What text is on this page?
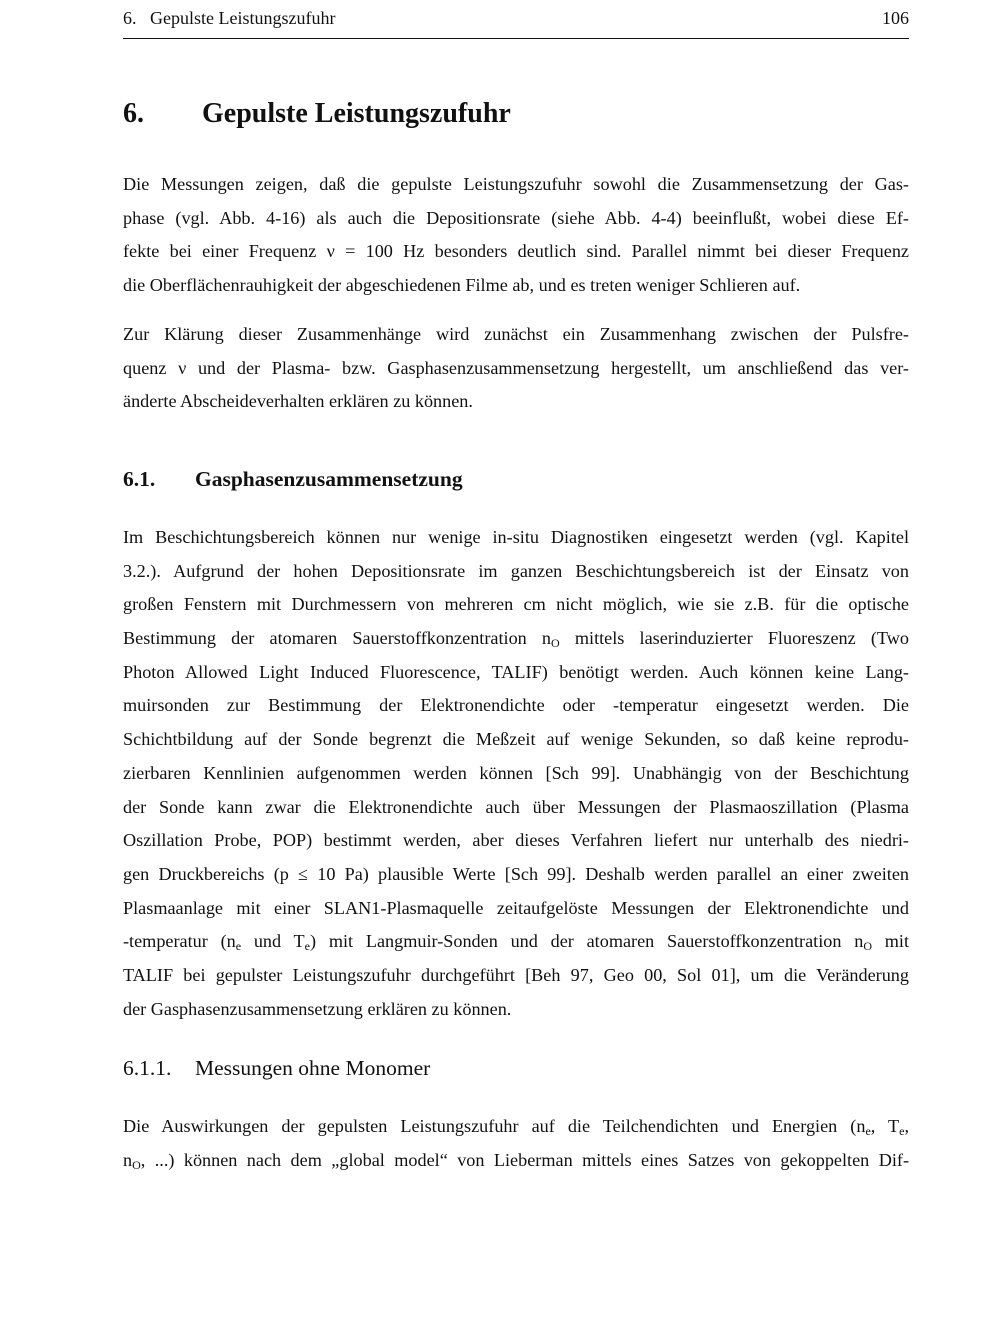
6.   Gepulste Leistungszufuhr	106
6. Gepulste Leistungszufuhr
Die Messungen zeigen, daß die gepulste Leistungszufuhr sowohl die Zusammensetzung der Gas-
phase (vgl. Abb. 4-16) als auch die Depositionsrate (siehe Abb. 4-4) beeinflußt, wobei diese Ef-
fekte bei einer Frequenz ν = 100 Hz besonders deutlich sind. Parallel nimmt bei dieser Frequenz
die Oberflächenrauhigkeit der abgeschiedenen Filme ab, und es treten weniger Schlieren auf.
Zur Klärung dieser Zusammenhänge wird zunächst ein Zusammenhang zwischen der Pulsfre-
quenz ν und der Plasma- bzw. Gasphasenzusammensetzung hergestellt, um anschließend das ver-
änderte Abscheideverhalten erklären zu können.
6.1. Gasphasenzusammensetzung
Im Beschichtungsbereich können nur wenige in-situ Diagnostiken eingesetzt werden (vgl. Kapitel
3.2.). Aufgrund der hohen Depositionsrate im ganzen Beschichtungsbereich ist der Einsatz von
großen Fenstern mit Durchmessern von mehreren cm nicht möglich, wie sie z.B. für die optische
Bestimmung der atomaren Sauerstoffkonzentration $n_O$ mittels laserinduzierter Fluoreszenz (Two
Photon Allowed Light Induced Fluorescence, TALIF) benötigt werden. Auch können keine Lang-
muirsonden zur Bestimmung der Elektronendichte oder -temperatur eingesetzt werden. Die
Schichtbildung auf der Sonde begrenzt die Meßzeit auf wenige Sekunden, so daß keine reprodu-
zierbaren Kennlinien aufgenommen werden können [Sch 99]. Unabhängig von der Beschichtung
der Sonde kann zwar die Elektronendichte auch über Messungen der Plasmaoszillation (Plasma
Oszillation Probe, POP) bestimmt werden, aber dieses Verfahren liefert nur unterhalb des niedri-
gen Druckbereichs (p ≤ 10 Pa) plausible Werte [Sch 99]. Deshalb werden parallel an einer zweiten
Plasmaanlage mit einer SLAN1-Plasmaquelle zeitaufgelöste Messungen der Elektronendichte und
-temperatur ($n_e$ und $T_e$) mit Langmuir-Sonden und der atomaren Sauerstoffkonzentration $n_O$ mit
TALIF bei gepulster Leistungszufuhr durchgeführt [Beh 97, Geo 00, Sol 01], um die Veränderung
der Gasphasenzusammensetzung erklären zu können.
6.1.1. Messungen ohne Monomer
Die Auswirkungen der gepulsten Leistungszufuhr auf die Teilchendichten und Energien ($n_e$, $T_e$,
$n_O$, ...) können nach dem „global model“ von Lieberman mittels eines Satzes von gekoppelten Dif-
